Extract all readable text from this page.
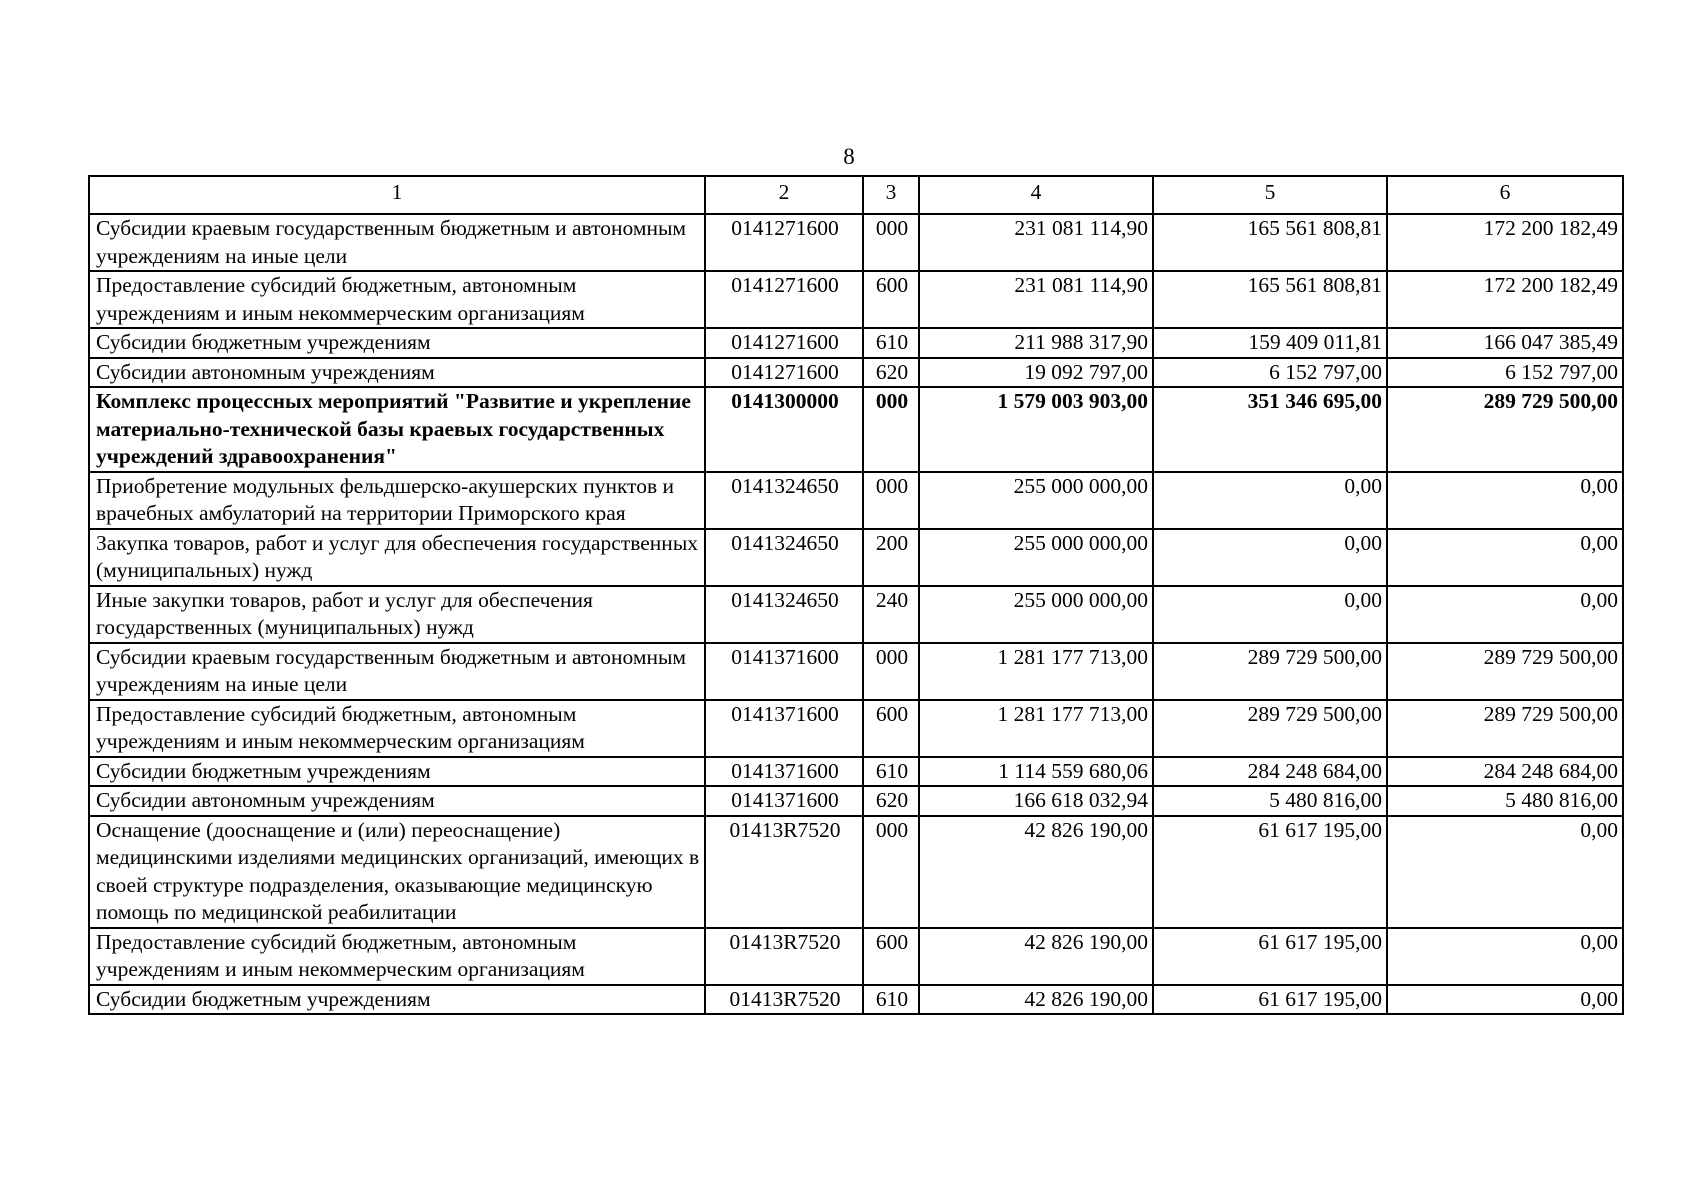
8
1	2	3	4	5	6
Субсидии краевым государственным бюджетным и автономным учреждениям на иные цели	0141271600	000	231 081 114,90	165 561 808,81	172 200 182,49
Предоставление субсидий бюджетным, автономным учреждениям и иным некоммерческим организациям	0141271600	600	231 081 114,90	165 561 808,81	172 200 182,49
Субсидии бюджетным учреждениям	0141271600	610	211 988 317,90	159 409 011,81	166 047 385,49
Субсидии автономным учреждениям	0141271600	620	19 092 797,00	6 152 797,00	6 152 797,00
Комплекс процессных мероприятий "Развитие и укрепление материально-технической базы краевых государственных учреждений здравоохранения"	0141300000	000	1 579 003 903,00	351 346 695,00	289 729 500,00
Приобретение модульных фельдшерско-акушерских пунктов и врачебных амбулаторий на территории Приморского края	0141324650	000	255 000 000,00	0,00	0,00
Закупка товаров, работ и услуг для обеспечения государственных (муниципальных) нужд	0141324650	200	255 000 000,00	0,00	0,00
Иные закупки товаров, работ и услуг для обеспечения государственных (муниципальных) нужд	0141324650	240	255 000 000,00	0,00	0,00
Субсидии краевым государственным бюджетным и автономным учреждениям на иные цели	0141371600	000	1 281 177 713,00	289 729 500,00	289 729 500,00
Предоставление субсидий бюджетным, автономным учреждениям и иным некоммерческим организациям	0141371600	600	1 281 177 713,00	289 729 500,00	289 729 500,00
Субсидии бюджетным учреждениям	0141371600	610	1 114 559 680,06	284 248 684,00	284 248 684,00
Субсидии автономным учреждениям	0141371600	620	166 618 032,94	5 480 816,00	5 480 816,00
Оснащение (дооснащение и (или) переоснащение) медицинскими изделиями медицинских организаций, имеющих в своей структуре подразделения, оказывающие медицинскую помощь по медицинской реабилитации	01413R7520	000	42 826 190,00	61 617 195,00	0,00
Предоставление субсидий бюджетным, автономным учреждениям и иным некоммерческим организациям	01413R7520	600	42 826 190,00	61 617 195,00	0,00
Субсидии бюджетным учреждениям	01413R7520	610	42 826 190,00	61 617 195,00	0,00
